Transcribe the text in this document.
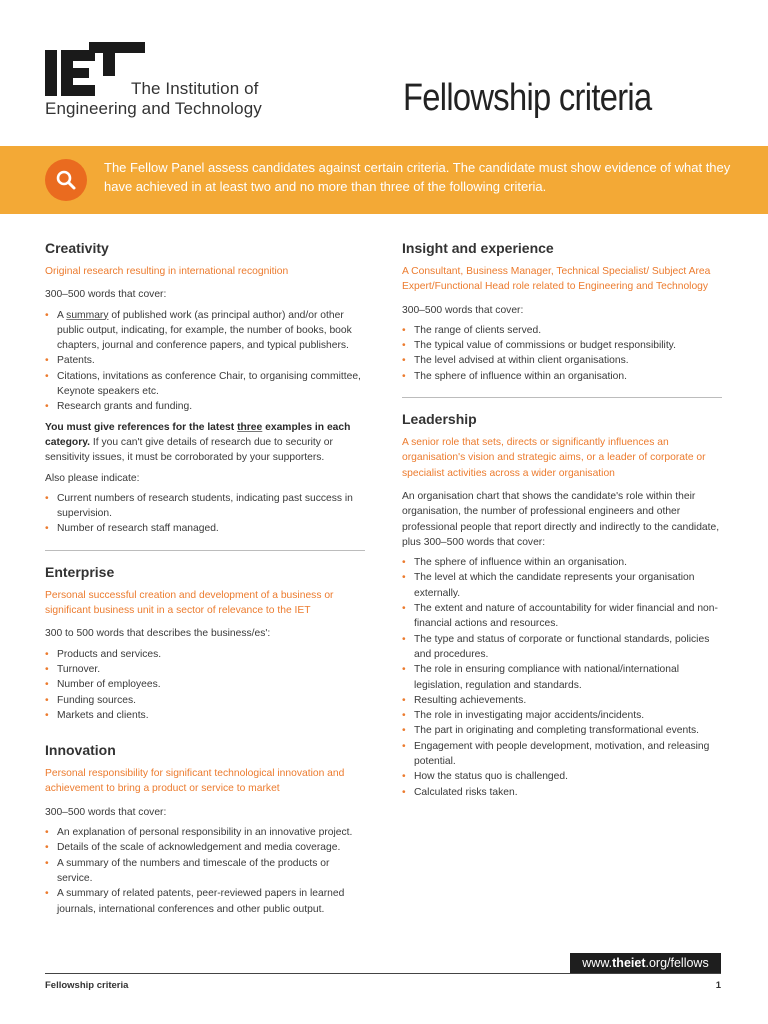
The Institution of
Engineering and Technology	Fellowship criteria
The Fellow Panel assess candidates against certain criteria. The candidate must show evidence of what they have achieved in at least two and no more than three of the following criteria.
Creativity
Original research resulting in international recognition
300–500 words that cover:
• A summary of published work (as principal author) and/or other public output, indicating, for example, the number of books, book chapters, journal and conference papers, and typical publishers.
• Patents.
• Citations, invitations as conference Chair, to organising committee, Keynote speakers etc.
• Research grants and funding.
You must give references for the latest three examples in each category. If you can't give details of research due to security or sensitivity issues, it must be corroborated by your supporters.
Also please indicate:
• Current numbers of research students, indicating past success in supervision.
• Number of research staff managed.
Enterprise
Personal successful creation and development of a business or significant business unit in a sector of relevance to the IET
300 to 500 words that describes the business/es':
• Products and services.
• Turnover.
• Number of employees.
• Funding sources.
• Markets and clients.
Innovation
Personal responsibility for significant technological innovation and achievement to bring a product or service to market
300–500 words that cover:
• An explanation of personal responsibility in an innovative project.
• Details of the scale of acknowledgement and media coverage.
• A summary of the numbers and timescale of the products or service.
• A summary of related patents, peer-reviewed papers in learned journals, international conferences and other public output.
Insight and experience
A Consultant, Business Manager, Technical Specialist/ Subject Area Expert/Functional Head role related to Engineering and Technology
300–500 words that cover:
• The range of clients served.
• The typical value of commissions or budget responsibility.
• The level advised at within client organisations.
• The sphere of influence within an organisation.
Leadership
A senior role that sets, directs or significantly influences an organisation's vision and strategic aims, or a leader of corporate or specialist activities across a wider organisation
An organisation chart that shows the candidate's role within their organisation, the number of professional engineers and other professional people that report directly and indirectly to the candidate, plus 300–500 words that cover:
• The sphere of influence within an organisation.
• The level at which the candidate represents your organisation externally.
• The extent and nature of accountability for wider financial and non-financial actions and resources.
• The type and status of corporate or functional standards, policies and procedures.
• The role in ensuring compliance with national/international legislation, regulation and standards.
• Resulting achievements.
• The role in investigating major accidents/incidents.
• The part in originating and completing transformational events.
• Engagement with people development, motivation, and releasing potential.
• How the status quo is challenged.
• Calculated risks taken.
www.theiet.org/fellows
Fellowship criteria	1
